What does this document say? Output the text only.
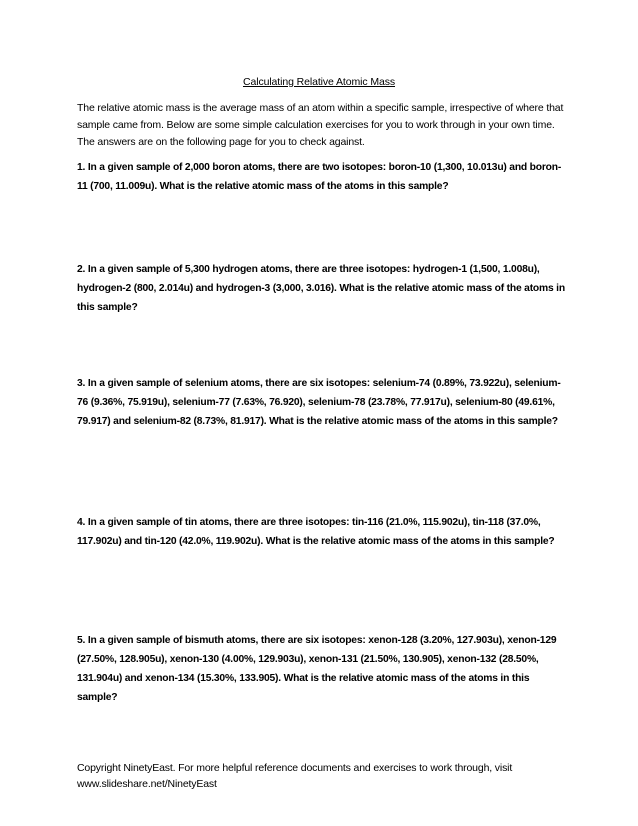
Calculating Relative Atomic Mass
The relative atomic mass is the average mass of an atom within a specific sample, irrespective of where that sample came from. Below are some simple calculation exercises for you to work through in your own time. The answers are on the following page for you to check against.
1. In a given sample of 2,000 boron atoms, there are two isotopes: boron-10 (1,300, 10.013u) and boron-11 (700, 11.009u). What is the relative atomic mass of the atoms in this sample?
2. In a given sample of 5,300 hydrogen atoms, there are three isotopes: hydrogen-1 (1,500, 1.008u), hydrogen-2 (800, 2.014u) and hydrogen-3 (3,000, 3.016). What is the relative atomic mass of the atoms in this sample?
3. In a given sample of selenium atoms, there are six isotopes: selenium-74 (0.89%, 73.922u), selenium-76 (9.36%, 75.919u), selenium-77 (7.63%, 76.920), selenium-78 (23.78%, 77.917u), selenium-80 (49.61%, 79.917) and selenium-82 (8.73%, 81.917). What is the relative atomic mass of the atoms in this sample?
4. In a given sample of tin atoms, there are three isotopes: tin-116 (21.0%, 115.902u), tin-118 (37.0%, 117.902u) and tin-120 (42.0%, 119.902u). What is the relative atomic mass of the atoms in this sample?
5. In a given sample of bismuth atoms, there are six isotopes: xenon-128 (3.20%, 127.903u), xenon-129 (27.50%, 128.905u), xenon-130 (4.00%, 129.903u), xenon-131 (21.50%, 130.905), xenon-132 (28.50%, 131.904u) and xenon-134 (15.30%, 133.905). What is the relative atomic mass of the atoms in this sample?
Copyright NinetyEast. For more helpful reference documents and exercises to work through, visit
www.slideshare.net/NinetyEast
